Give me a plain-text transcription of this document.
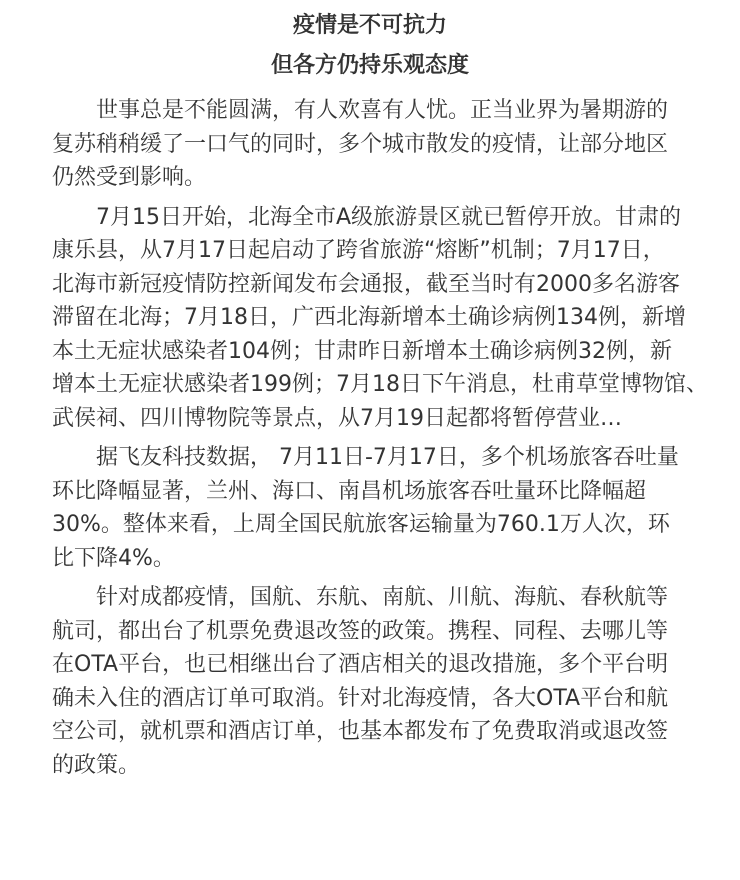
疫情是不可抗力
但各方仍持乐观态度
世事总是不能圆满，有人欢喜有人忧。正当业界为暑期游的
复苏稍稍缓了一口气的同时，多个城市散发的疫情，让部分地区
仍然受到影响。
7月15日开始，北海全市A级旅游景区就已暂停开放。甘肃的
康乐县，从7月17日起启动了跨省旅游“熔断”机制；7月17日，
北海市新冠疫情防控新闻发布会通报，截至当时有2000多名游客
滞留在北海；7月18日，广西北海新增本土确诊病例134例，新增
本土无症状感染者104例；甘肃昨日新增本土确诊病例32例，新
增本土无症状感染者199例；7月18日下午消息，杜甫草堂博物馆、
武侯祠、四川博物院等景点，从7月19日起都将暂停营业…
据飞友科技数据， 7月11日-7月17日，多个机场旅客吞吐量
环比降幅显著，兰州、海口、南昌机场旅客吞吐量环比降幅超
30%。整体来看，上周全国民航旅客运输量为760.1万人次，环
比下降4%。
针对成都疫情，国航、东航、南航、川航、海航、春秋航等
航司，都出台了机票免费退改签的政策。携程、同程、去哪儿等
在OTA平台，也已相继出台了酒店相关的退改措施，多个平台明
确未入住的酒店订单可取消。针对北海疫情，各大OTA平台和航
空公司，就机票和酒店订单，也基本都发布了免费取消或退改签
的政策。
